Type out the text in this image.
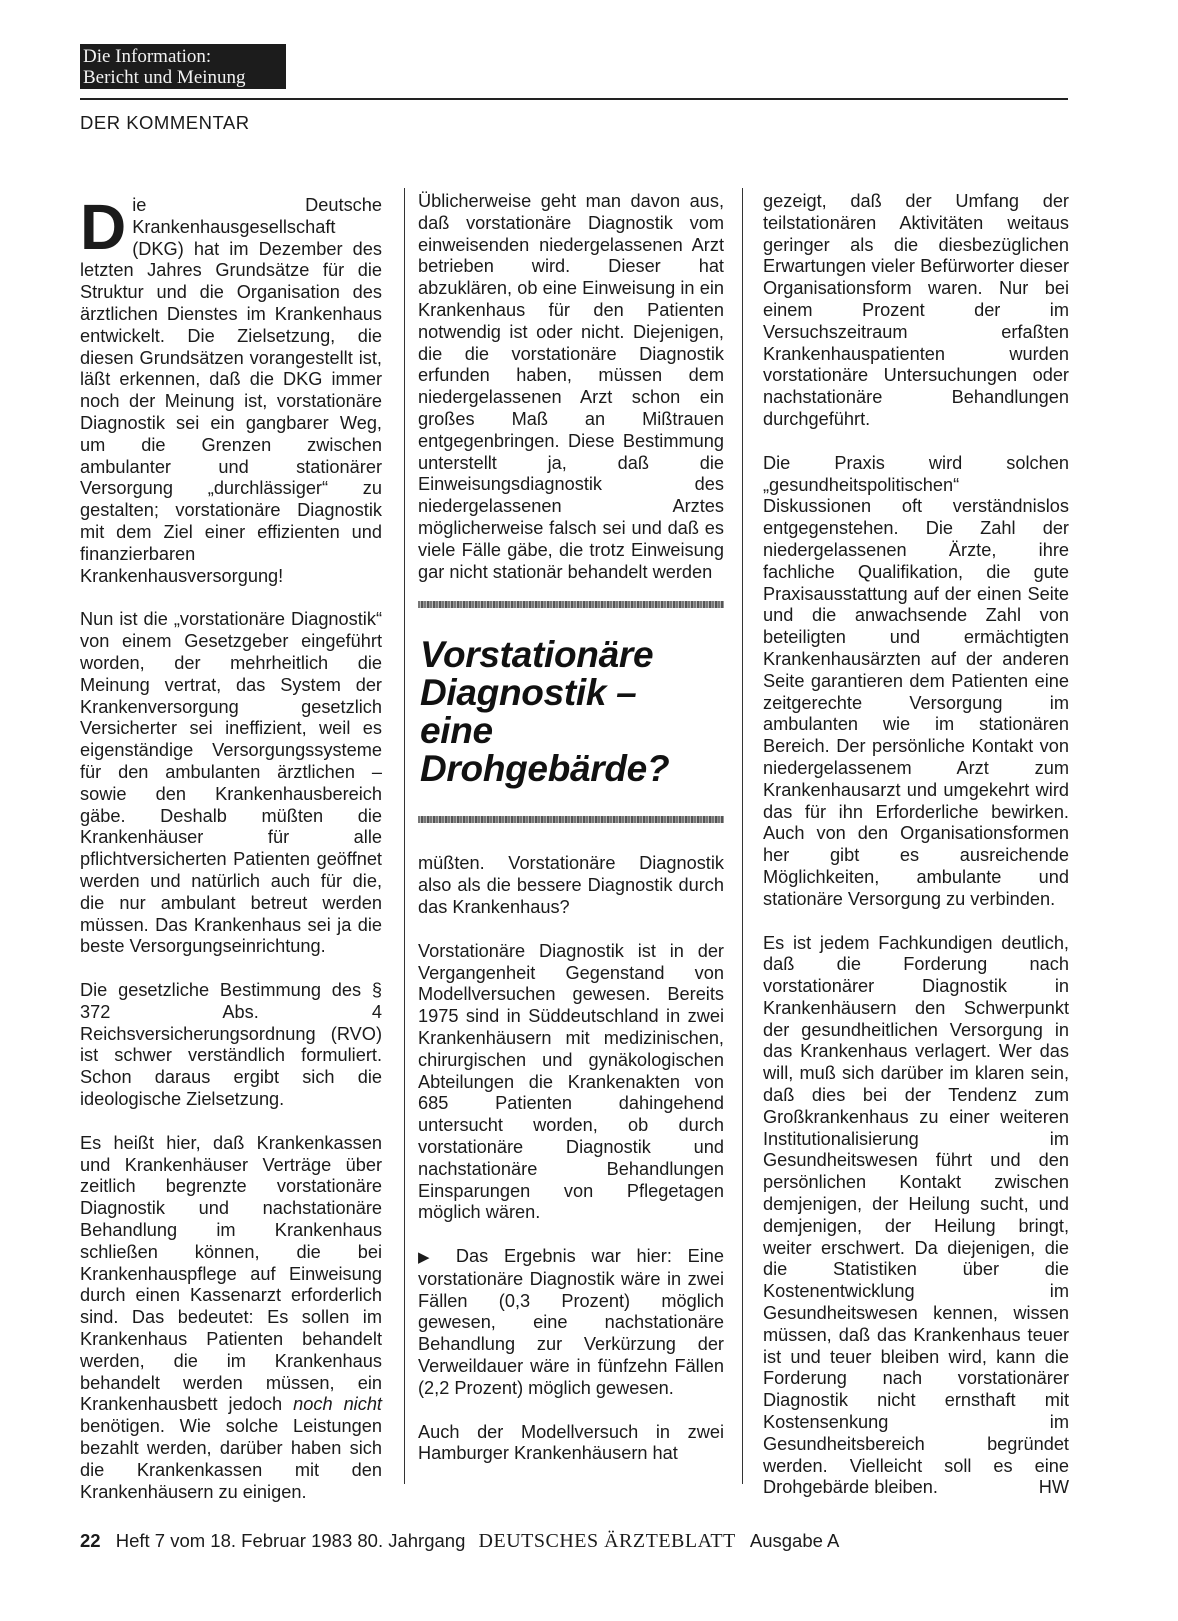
Die Information:
Bericht und Meinung
DER KOMMENTAR

Die Deutsche Krankenhausgesellschaft (DKG) hat im Dezember des letzten Jahres Grundsätze für die Struktur und die Organisation des ärztlichen Dienstes im Krankenhaus entwickelt. Die Zielsetzung, die diesen Grundsätzen vorangestellt ist, läßt erkennen, daß die DKG immer noch der Meinung ist, vorstationäre Diagnostik sei ein gangbarer Weg, um die Grenzen zwischen ambulanter und stationärer Versorgung „durchlässiger“ zu gestalten; vorstationäre Diagnostik mit dem Ziel einer effizienten und finanzierbaren Krankenhausversorgung!

Nun ist die „vorstationäre Diagnostik“ von einem Gesetzgeber eingeführt worden, der mehrheitlich die Meinung vertrat, das System der Krankenversorgung gesetzlich Versicherter sei ineffizient, weil es eigenständige Versorgungssysteme für den ambulanten ärztlichen – sowie den Krankenhausbereich gäbe. Deshalb müßten die Krankenhäuser für alle pflichtversicherten Patienten geöffnet werden und natürlich auch für die, die nur ambulant betreut werden müssen. Das Krankenhaus sei ja die beste Versorgungseinrichtung.

Die gesetzliche Bestimmung des § 372 Abs. 4 Reichsversicherungsordnung (RVO) ist schwer verständlich formuliert. Schon daraus ergibt sich die ideologische Zielsetzung.

Es heißt hier, daß Krankenkassen und Krankenhäuser Verträge über zeitlich begrenzte vorstationäre Diagnostik und nachstationäre Behandlung im Krankenhaus schließen können, die bei Krankenhauspflege auf Einweisung durch einen Kassenarzt erforderlich sind. Das bedeutet: Es sollen im Krankenhaus Patienten behandelt werden, die im Krankenhaus behandelt werden müssen, ein Krankenhausbett jedoch noch nicht benötigen. Wie solche Leistungen bezahlt werden, darüber haben sich die Krankenkassen mit den Krankenhäusern zu einigen.

Üblicherweise geht man davon aus, daß vorstationäre Diagnostik vom einweisenden niedergelassenen Arzt betrieben wird. Dieser hat abzuklären, ob eine Einweisung in ein Krankenhaus für den Patienten notwendig ist oder nicht. Diejenigen, die die vorstationäre Diagnostik erfunden haben, müssen dem niedergelassenen Arzt schon ein großes Maß an Mißtrauen entgegenbringen. Diese Bestimmung unterstellt ja, daß die Einweisungsdiagnostik des niedergelassenen Arztes möglicherweise falsch sei und daß es viele Fälle gäbe, die trotz Einweisung gar nicht stationär behandelt werden

Vorstationäre
Diagnostik –
eine
Drohgebärde?

müßten. Vorstationäre Diagnostik also als die bessere Diagnostik durch das Krankenhaus?

Vorstationäre Diagnostik ist in der Vergangenheit Gegenstand von Modellversuchen gewesen. Bereits 1975 sind in Süddeutschland in zwei Krankenhäusern mit medizinischen, chirurgischen und gynäkologischen Abteilungen die Krankenakten von 685 Patienten dahingehend untersucht worden, ob durch vorstationäre Diagnostik und nachstationäre Behandlungen Einsparungen von Pflegetagen möglich wären.

▶ Das Ergebnis war hier: Eine vorstationäre Diagnostik wäre in zwei Fällen (0,3 Prozent) möglich gewesen, eine nachstationäre Behandlung zur Verkürzung der Verweildauer wäre in fünfzehn Fällen (2,2 Prozent) möglich gewesen.

Auch der Modellversuch in zwei Hamburger Krankenhäusern hat

gezeigt, daß der Umfang der teilstationären Aktivitäten weitaus geringer als die diesbezüglichen Erwartungen vieler Befürworter dieser Organisationsform waren. Nur bei einem Prozent der im Versuchszeitraum erfaßten Krankenhauspatienten wurden vorstationäre Untersuchungen oder nachstationäre Behandlungen durchgeführt.

Die Praxis wird solchen „gesundheitspolitischen“ Diskussionen oft verständnislos entgegenstehen. Die Zahl der niedergelassenen Ärzte, ihre fachliche Qualifikation, die gute Praxisausstattung auf der einen Seite und die anwachsende Zahl von beteiligten und ermächtigten Krankenhausärzten auf der anderen Seite garantieren dem Patienten eine zeitgerechte Versorgung im ambulanten wie im stationären Bereich. Der persönliche Kontakt von niedergelassenem Arzt zum Krankenhausarzt und umgekehrt wird das für ihn Erforderliche bewirken. Auch von den Organisationsformen her gibt es ausreichende Möglichkeiten, ambulante und stationäre Versorgung zu verbinden.

Es ist jedem Fachkundigen deutlich, daß die Forderung nach vorstationärer Diagnostik in Krankenhäusern den Schwerpunkt der gesundheitlichen Versorgung in das Krankenhaus verlagert. Wer das will, muß sich darüber im klaren sein, daß dies bei der Tendenz zum Großkrankenhaus zu einer weiteren Institutionalisierung im Gesundheitswesen führt und den persönlichen Kontakt zwischen demjenigen, der Heilung sucht, und demjenigen, der Heilung bringt, weiter erschwert. Da diejenigen, die die Statistiken über die Kostenentwicklung im Gesundheitswesen kennen, wissen müssen, daß das Krankenhaus teuer ist und teuer bleiben wird, kann die Forderung nach vorstationärer Diagnostik nicht ernsthaft mit Kostensenkung im Gesundheitsbereich begründet werden. Vielleicht soll es eine Drohgebärde bleiben.	HW

22 Heft 7 vom 18. Februar 1983 80. Jahrgang DEUTSCHES ÄRZTEBLATT Ausgabe A
